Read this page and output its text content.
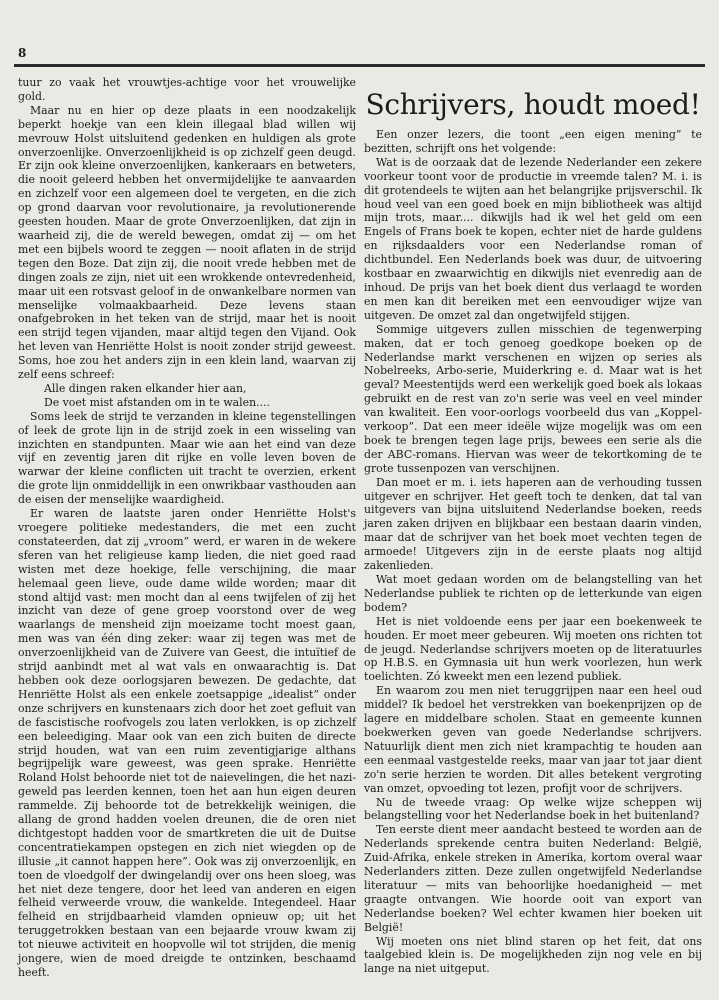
8

tuur zo vaak het vrouwtjes-achtige voor het vrouwelijke gold.

Maar nu en hier op deze plaats in een noodzakelijk beperkt hoekje van een klein illegaal blad willen wij mevrouw Holst uitsluitend gedenken en huldigen als grote onverzoenlijke. Onverzoenlijkheid is op zichzelf geen deugd. Er zijn ook kleine onverzoenlijken, kankeraars en betweters, die nooit geleerd hebben het onvermijdelijke te aanvaarden en zichzelf voor een algemeen doel te vergeten, en die zich op grond daarvan voor revolutionaire, ja revolutionerende geesten houden. Maar de grote Onverzoenlijken, dat zijn in waarheid zij, die de wereld bewegen, omdat zij — om het met een bijbels woord te zeggen — nooit aflaten in de strijd tegen den Boze. Dat zijn zij, die nooit vrede hebben met de dingen zoals ze zijn, niet uit een wrokkende ontevredenheid, maar uit een rotsvast geloof in de onwankelbare normen van menselijke volmaakbaarheid. Deze levens staan onafgebroken in het teken van de strijd, maar het is nooit een strijd tegen vijanden, maar altijd tegen den Vijand. Ook het leven van Henriëtte Holst is nooit zonder strijd geweest. Soms, hoe zou het anders zijn in een klein land, waarvan zij zelf eens schreef:

Alle dingen raken elkander hier aan,
De voet mist afstanden om in te walen....

Soms leek de strijd te verzanden in kleine tegenstellingen of leek de grote lijn in de strijd zoek in een wisseling van inzichten en standpunten. Maar wie aan het eind van deze vijf en zeventig jaren dit rijke en volle leven boven de warwar der kleine conflicten uit tracht te overzien, erkent die grote lijn onmiddellijk in een onwrikbaar vasthouden aan de eisen der menselijke waardigheid.

Er waren de laatste jaren onder Henriëtte Holst's vroegere politieke medestanders, die met een zucht constateerden, dat zij „vroom” werd, er waren in de wekere sferen van het religieuse kamp lieden, die niet goed raad wisten met deze hoekige, felle verschijning, die maar helemaal geen lieve, oude dame wilde worden; maar dit stond altijd vast: men mocht dan al eens twijfelen of zij het inzicht van deze of gene groep voorstond over de weg waarlangs de mensheid zijn moeizame tocht moest gaan, men was van één ding zeker: waar zij tegen was met de onverzoenlijkheid van de Zuivere van Geest, die intuïtief de strijd aanbindt met al wat vals en onwaarachtig is. Dat hebben ook deze oorlogsjaren bewezen. De gedachte, dat Henriëtte Holst als een enkele zoetsappige „idealist” onder onze schrijvers en kunstenaars zich door het zoet gefluit van de fascistische roofvogels zou laten verlokken, is op zichzelf een beleediging. Maar ook van een zich buiten de directe strijd houden, wat van een ruim zeventigjarige althans begrijpelijk ware geweest, was geen sprake. Henriëtte Roland Holst behoorde niet tot de naievelingen, die het nazi-geweld pas leerden kennen, toen het aan hun eigen deuren rammelde. Zij behoorde tot de betrekkelijk weinigen, die allang de grond hadden voelen dreunen, die de oren niet dichtgestopt hadden voor de smartkreten die uit de Duitse concentratiekampen opstegen en zich niet wiegden op de illusie „it cannot happen here”. Ook was zij onverzoenlijk, en toen de vloedgolf der dwingelandij over ons heen sloeg, was het niet deze tengere, door het leed van anderen en eigen felheid verweerde vrouw, die wankelde. Integendeel. Haar felheid en strijdbaarheid vlamden opnieuw op; uit het teruggetrokken bestaan van een bejaarde vrouw kwam zij tot nieuwe activiteit en hoopvolle wil tot strijden, die menig jongere, wien de moed dreigde te ontzinken, beschaamd heeft.

Schrijvers, houdt moed!

Een onzer lezers, die toont „een eigen mening” te bezitten, schrijft ons het volgende:

Wat is de oorzaak dat de lezende Nederlander een zekere voorkeur toont voor de productie in vreemde talen? M. i. is dit grotendeels te wijten aan het belangrijke prijsverschil. Ik houd veel van een goed boek en mijn bibliotheek was altijd mijn trots, maar.... dikwijls had ik wel het geld om een Engels of Frans boek te kopen, echter niet de harde guldens en rijksdaalders voor een Nederlandse roman of dichtbundel. Een Nederlands boek was duur, de uitvoering kostbaar en zwaarwichtig en dikwijls niet evenredig aan de inhoud. De prijs van het boek dient dus verlaagd te worden en men kan dit bereiken met een eenvoudiger wijze van uitgeven. De omzet zal dan ongetwijfeld stijgen.

Sommige uitgevers zullen misschien de tegenwerping maken, dat er toch genoeg goedkope boeken op de Nederlandse markt verschenen en wijzen op series als Nobelreeks, Arbo-serie, Muiderkring e. d. Maar wat is het geval? Meestentijds werd een werkelijk goed boek als lokaas gebruikt en de rest van zo'n serie was veel en veel minder van kwaliteit. Een voor-oorlogs voorbeeld dus van „Koppel-verkoop”. Dat een meer ideële wijze mogelijk was om een boek te brengen tegen lage prijs, bewees een serie als die der ABC-romans. Hiervan was weer de tekortkoming de te grote tussenpozen van verschijnen.

Dan moet er m. i. iets haperen aan de verhouding tussen uitgever en schrijver. Het geeft toch te denken, dat tal van uitgevers van bijna uitsluitend Nederlandse boeken, reeds jaren zaken drijven en blijkbaar een bestaan daarin vinden, maar dat de schrijver van het boek moet vechten tegen de armoede! Uitgevers zijn in de eerste plaats nog altijd zakenlieden.

Wat moet gedaan worden om de belangstelling van het Nederlandse publiek te richten op de letterkunde van eigen bodem?

Het is niet voldoende eens per jaar een boekenweek te houden. Er moet meer gebeuren. Wij moeten ons richten tot de jeugd. Nederlandse schrijvers moeten op de literatuurles op H.B.S. en Gymnasia uit hun werk voorlezen, hun werk toelichten. Zó kweekt men een lezend publiek.

En waarom zou men niet teruggrijpen naar een heel oud middel? Ik bedoel het verstrekken van boekenprijzen op de lagere en middelbare scholen. Staat en gemeente kunnen boekwerken geven van goede Nederlandse schrijvers. Natuurlijk dient men zich niet krampachtig te houden aan een eenmaal vastgestelde reeks, maar van jaar tot jaar dient zo'n serie herzien te worden. Dit alles betekent vergroting van omzet, opvoeding tot lezen, profijt voor de schrijvers.

Nu de tweede vraag: Op welke wijze scheppen wij belangstelling voor het Nederlandse boek in het buitenland?

Ten eerste dient meer aandacht besteed te worden aan de Nederlands sprekende centra buiten Nederland: België, Zuid-Afrika, enkele streken in Amerika, kortom overal waar Nederlanders zitten. Deze zullen ongetwijfeld Nederlandse literatuur — mits van behoorlijke hoedanigheid — met graagte ontvangen. Wie hoorde ooit van export van Nederlandse boeken? Wel echter kwamen hier boeken uit België!

Wij moeten ons niet blind staren op het feit, dat ons taalgebied klein is. De mogelijkheden zijn nog vele en bij lange na niet uitgeput.
